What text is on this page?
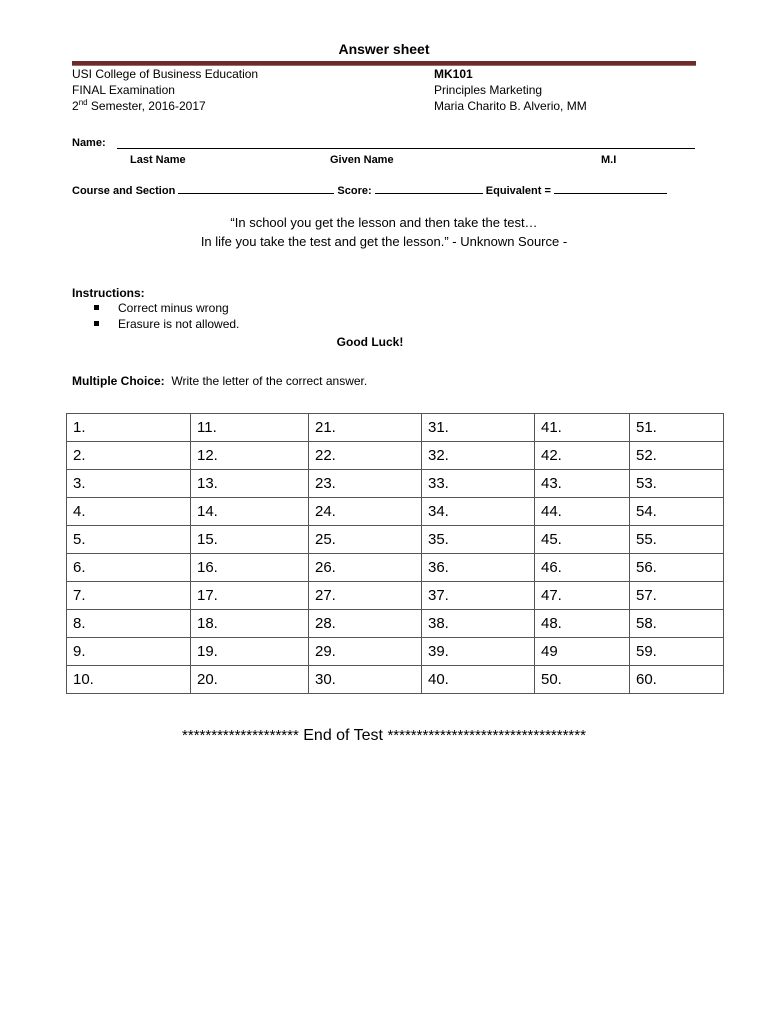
Answer sheet
USI College of Business Education
FINAL Examination
2nd Semester, 2016-2017
MK101
Principles Marketing
Maria Charito B. Alverio, MM
Name:
Last Name	Given Name	M.I
Course and Section	Score:	Equivalent =
“In school you get the lesson and then take the test…
In life you take the test and get the lesson.” - Unknown Source -
Instructions:
Correct minus wrong
Erasure is not allowed.
Good Luck!
Multiple Choice:  Write the letter of the correct answer.
1.	11.	21.	31.	41.	51.
2.	12.	22.	32.	42.	52.
3.	13.	23.	33.	43.	53.
4.	14.	24.	34.	44.	54.
5.	15.	25.	35.	45.	55.
6.	16.	26.	36.	46.	56.
7.	17.	27.	37.	47.	57.
8.	18.	28.	38.	48.	58.
9.	19.	29.	39.	49	59.
10.	20.	30.	40.	50.	60.
******************** End of Test **********************************
